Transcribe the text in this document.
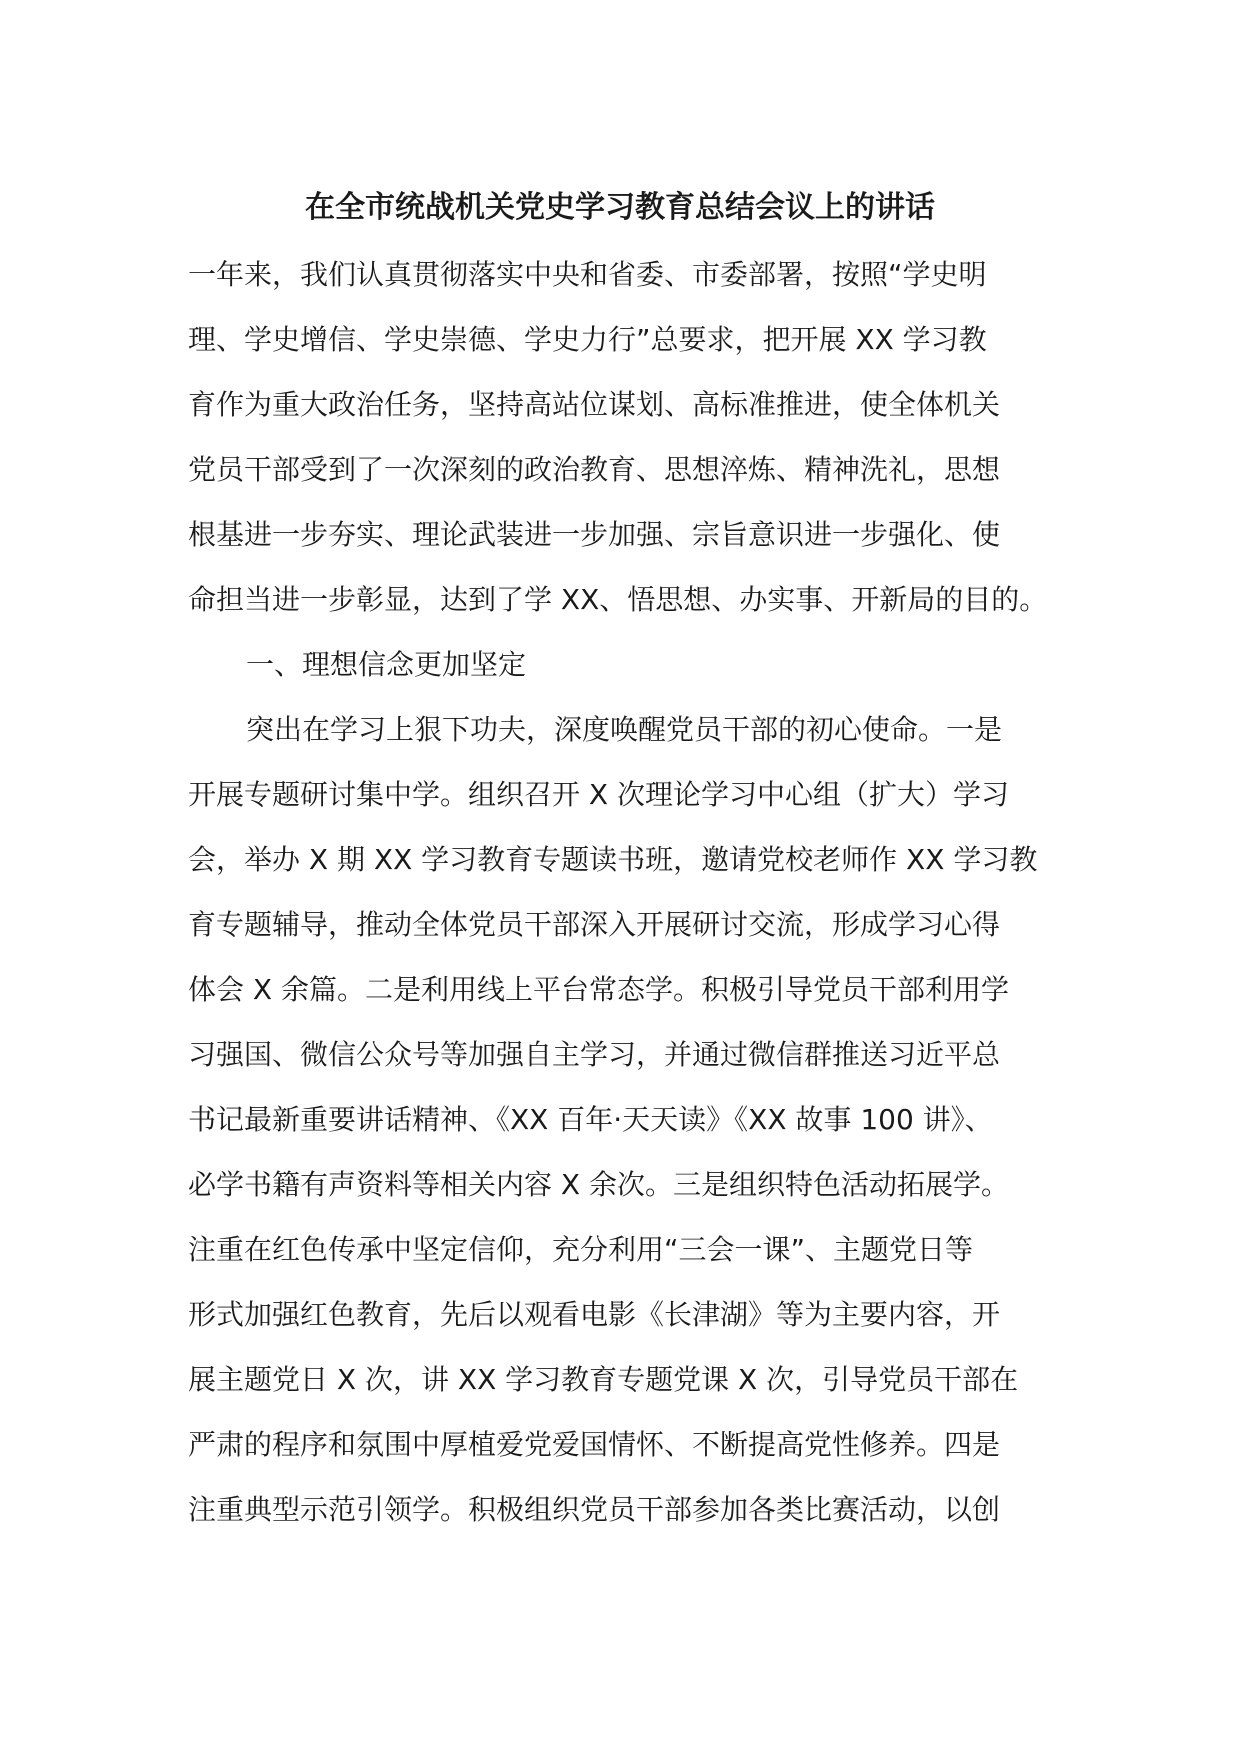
在全市统战机关党史学习教育总结会议上的讲话
一年来，我们认真贯彻落实中央和省委、市委部署，按照“学史明
理、学史增信、学史崇德、学史力行”总要求，把开展 XX 学习教
育作为重大政治任务，坚持高站位谋划、高标准推进，使全体机关
党员干部受到了一次深刻的政治教育、思想淬炼、精神洗礼，思想
根基进一步夯实、理论武装进一步加强、宗旨意识进一步强化、使
命担当进一步彰显，达到了学 XX、悟思想、办实事、开新局的目的。
一、理想信念更加坚定
突出在学习上狠下功夫，深度唤醒党员干部的初心使命。一是
开展专题研讨集中学。组织召开 X 次理论学习中心组（扩大）学习
会，举办 X 期 XX 学习教育专题读书班，邀请党校老师作 XX 学习教
育专题辅导，推动全体党员干部深入开展研讨交流，形成学习心得
体会 X 余篇。二是利用线上平台常态学。积极引导党员干部利用学
习强国、微信公众号等加强自主学习，并通过微信群推送习近平总
书记最新重要讲话精神、《XX 百年·天天读》《XX 故事 100 讲》、
必学书籍有声资料等相关内容 X 余次。三是组织特色活动拓展学。
注重在红色传承中坚定信仰，充分利用“三会一课”、主题党日等
形式加强红色教育，先后以观看电影《长津湖》等为主要内容，开
展主题党日 X 次，讲 XX 学习教育专题党课 X 次，引导党员干部在
严肃的程序和氛围中厚植爱党爱国情怀、不断提高党性修养。四是
注重典型示范引领学。积极组织党员干部参加各类比赛活动，以创
